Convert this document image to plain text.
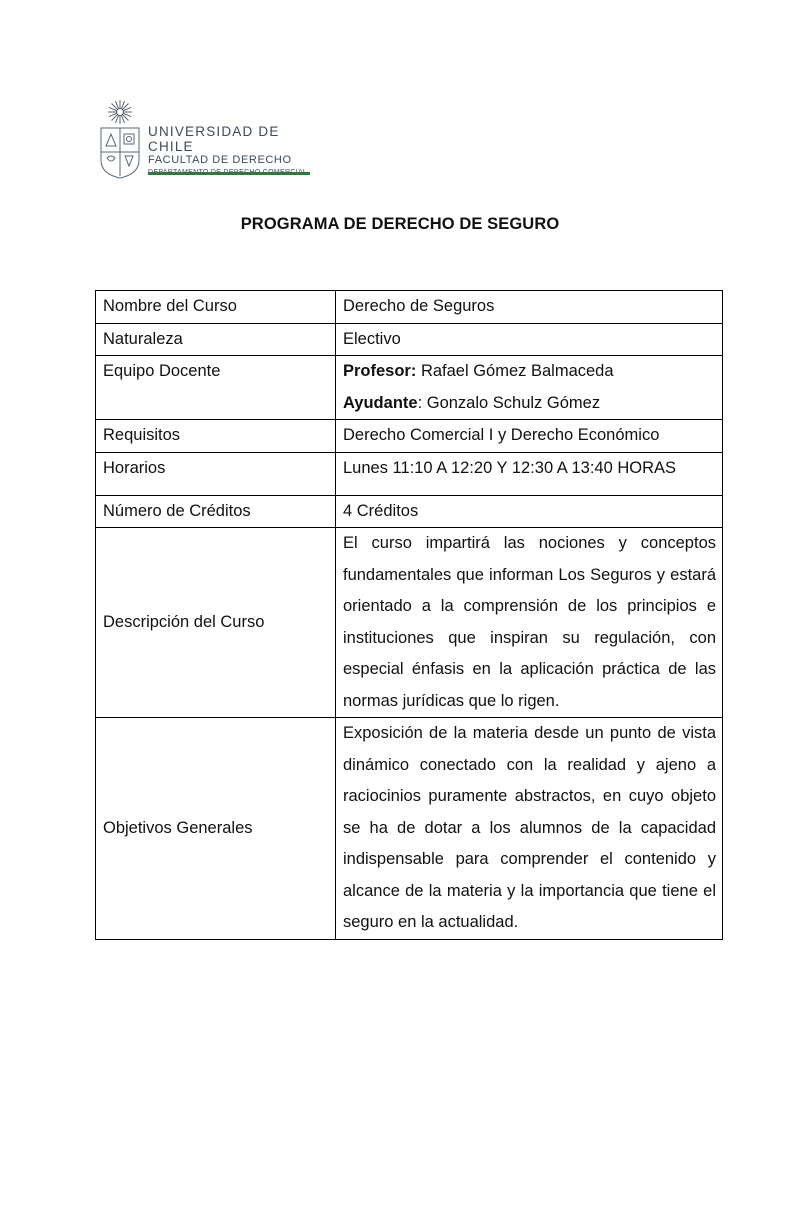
UNIVERSIDAD DE CHILE
FACULTAD DE DERECHO
PROGRAMA DE DERECHO DE SEGURO
Nombre del Curso	Derecho de Seguros
Naturaleza	Electivo
Equipo Docente	Profesor: Rafael Gómez Balmaceda
Ayudante: Gonzalo Schulz Gómez

Requisitos	Derecho Comercial I y Derecho Económico
Horarios	Lunes 11:10 A 12:20 Y 12:30 A 13:40 HORAS
Número de Créditos	4 Créditos
Descripción del Curso	El curso impartirá las nociones y conceptos fundamentales que informan Los Seguros y estará orientado a la comprensión de los principios e instituciones que inspiran su regulación, con especial énfasis en la aplicación práctica de las normas jurídicas que lo rigen.
Objetivos Generales	Exposición de la materia desde un punto de vista dinámico conectado con la realidad y ajeno a raciocinios puramente abstractos, en cuyo objeto se ha de dotar a los alumnos de la capacidad indispensable para comprender el contenido y alcance de la materia y la importancia que tiene el seguro en la actualidad.
